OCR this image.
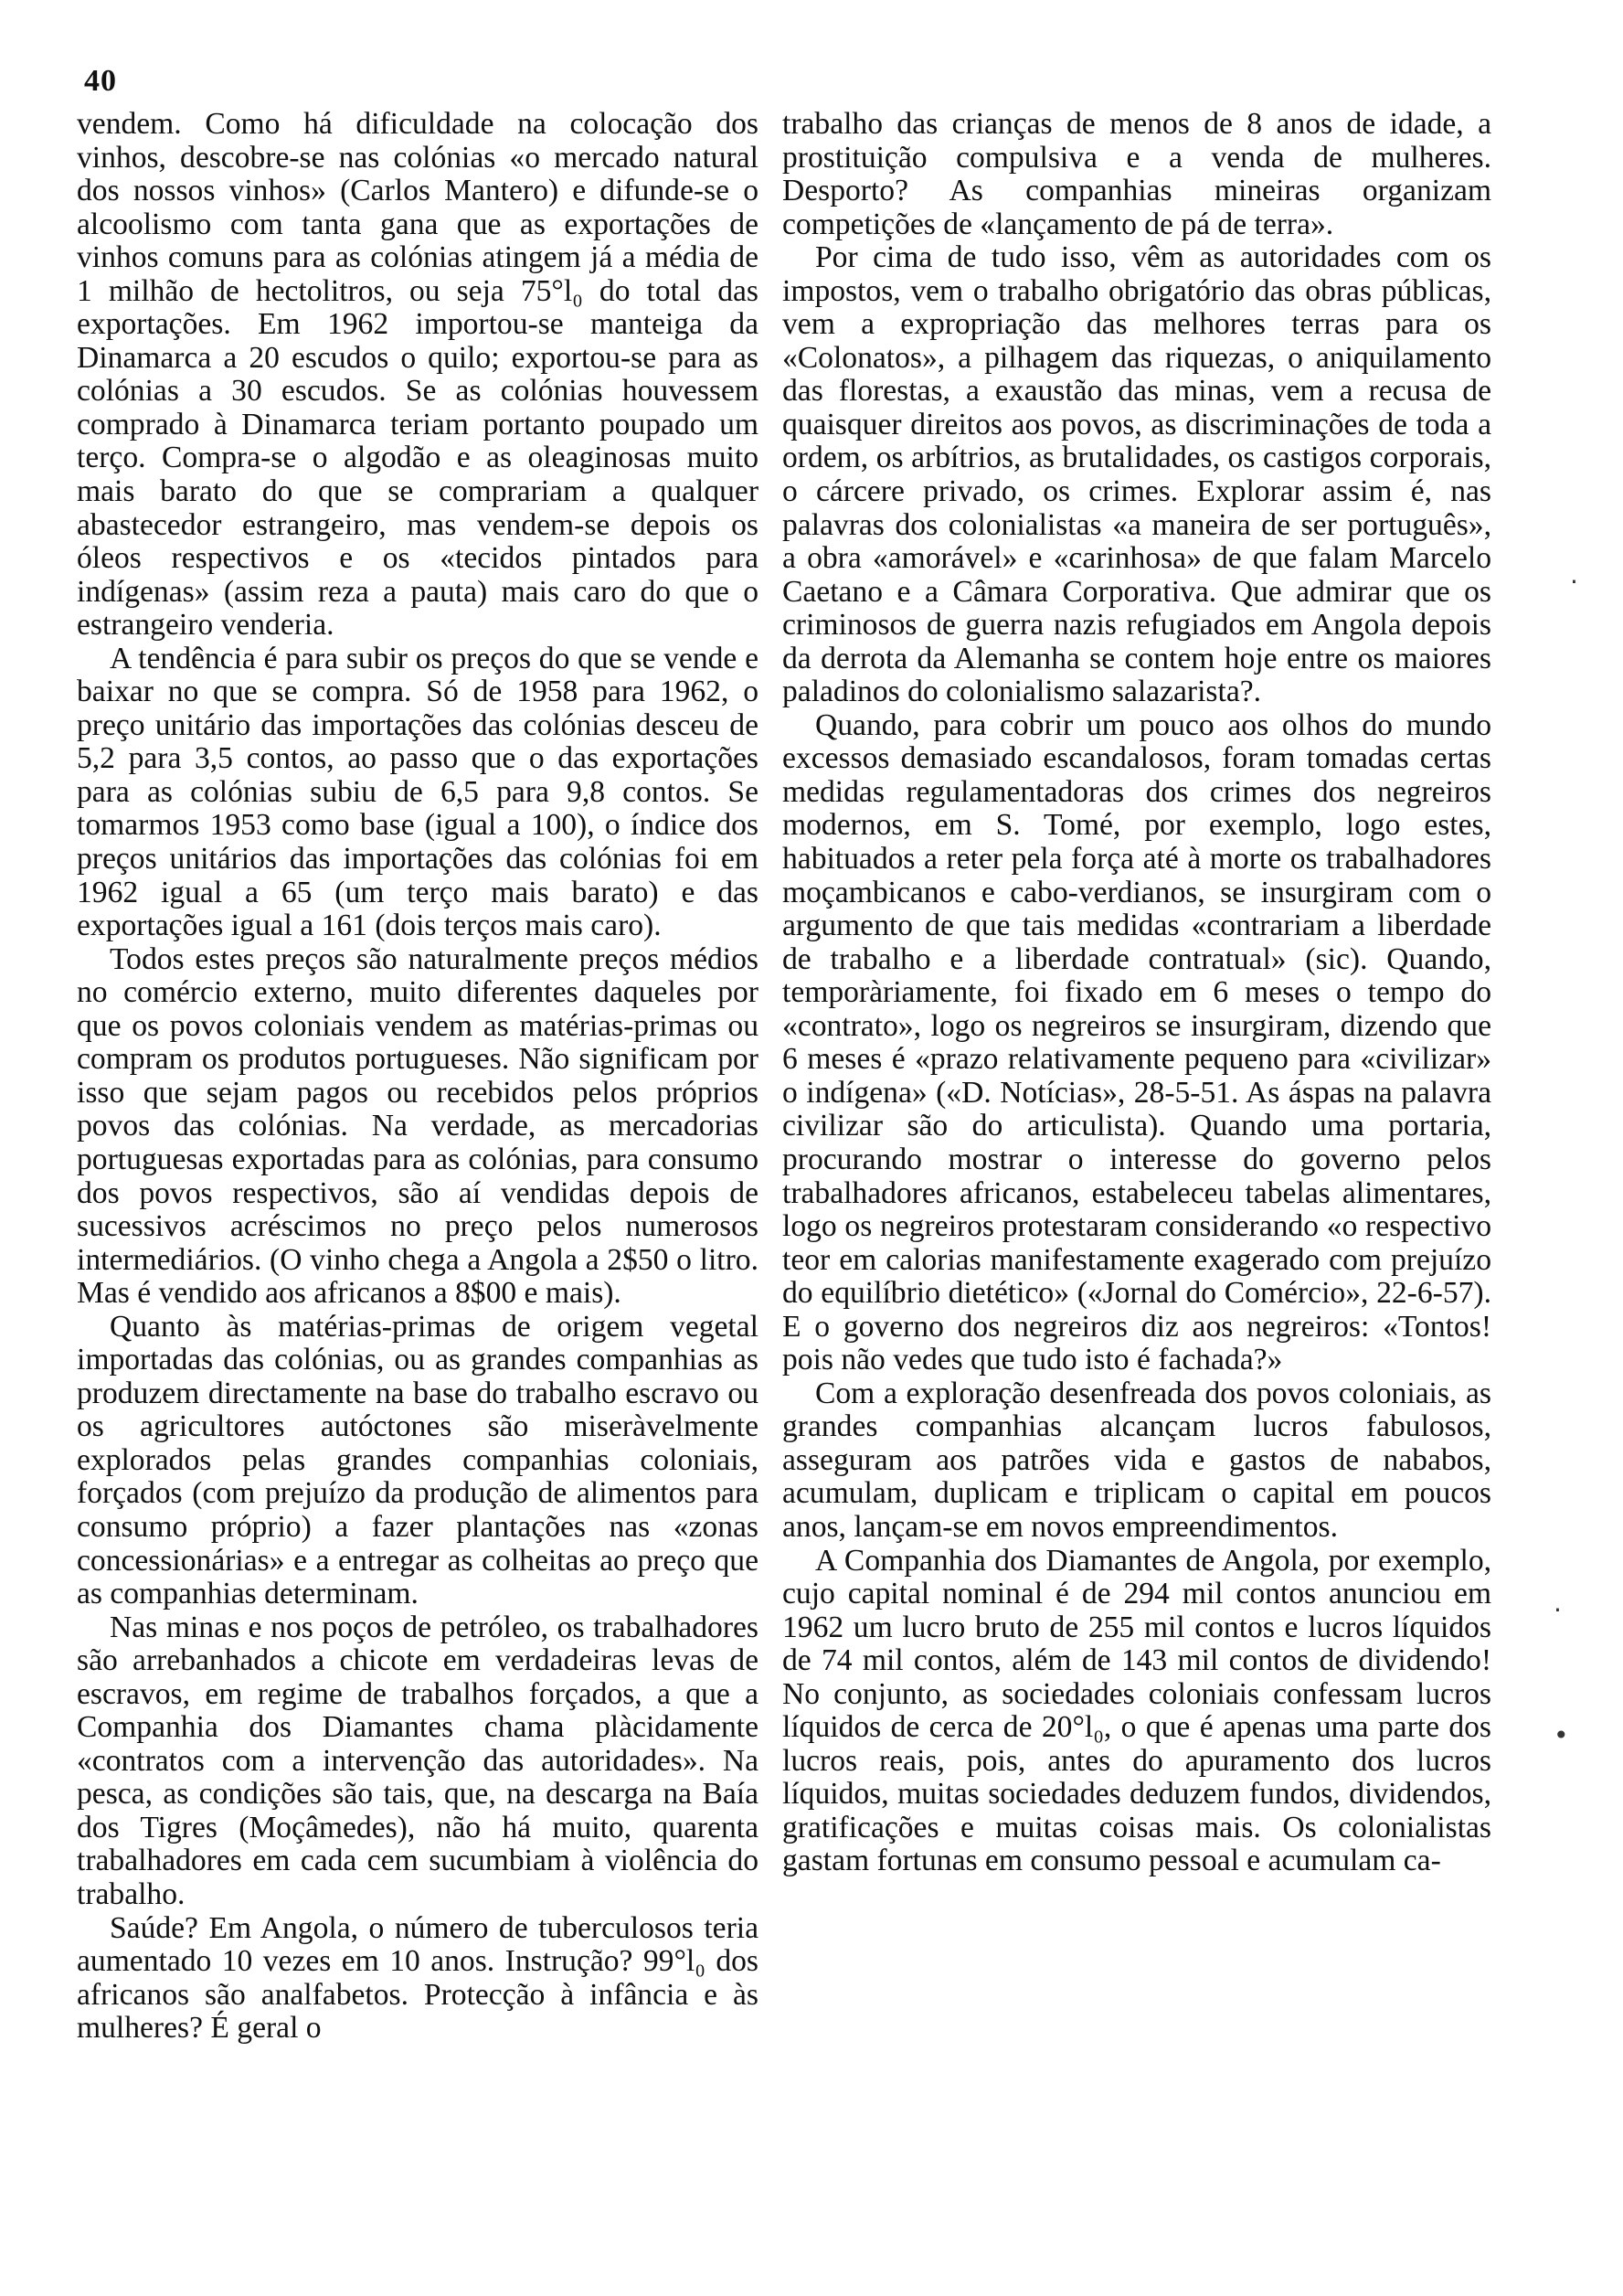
40

vendem. Como há dificuldade na colocação dos vinhos, descobre-se nas colónias «o mercado natural dos nossos vinhos» (Carlos Mantero) e difunde-se o alcoolismo com tanta gana que as exportações de vinhos comuns para as colónias atingem já a média de 1 milhão de hectolitros, ou seja 75°l₀ do total das exportações. Em 1962 importou-se manteiga da Dinamarca a 20 escudos o quilo; exportou-se para as colónias a 30 escudos. Se as colónias houvessem comprado à Dinamarca teriam portanto poupado um terço. Compra-se o algodão e as oleaginosas muito mais barato do que se comprariam a qualquer abastecedor estrangeiro, mas vendem-se depois os óleos respectivos e os «tecidos pintados para indígenas» (assim reza a pauta) mais caro do que o estrangeiro venderia.

A tendência é para subir os preços do que se vende e baixar no que se compra. Só de 1958 para 1962, o preço unitário das importações das colónias desceu de 5,2 para 3,5 contos, ao passo que o das exportações para as colónias subiu de 6,5 para 9,8 contos. Se tomarmos 1953 como base (igual a 100), o índice dos preços unitários das importações das colónias foi em 1962 igual a 65 (um terço mais barato) e das exportações igual a 161 (dois terços mais caro).

Todos estes preços são naturalmente preços médios no comércio externo, muito diferentes daqueles por que os povos coloniais vendem as matérias-primas ou compram os produtos portugueses. Não significam por isso que sejam pagos ou recebidos pelos próprios povos das colónias. Na verdade, as mercadorias portuguesas exportadas para as colónias, para consumo dos povos respectivos, são aí vendidas depois de sucessivos acréscimos no preço pelos numerosos intermediários. (O vinho chega a Angola a 2$50 o litro. Mas é vendido aos africanos a 8$00 e mais).

Quanto às matérias-primas de origem vegetal importadas das colónias, ou as grandes companhias as produzem directamente na base do trabalho escravo ou os agricultores autóctones são miseràvelmente explorados pelas grandes companhias coloniais, forçados (com prejuízo da produção de alimentos para consumo próprio) a fazer plantações nas «zonas concessionárias» e a entregar as colheitas ao preço que as companhias determinam.

Nas minas e nos poços de petróleo, os trabalhadores são arrebanhados a chicote em verdadeiras levas de escravos, em regime de trabalhos forçados, a que a Companhia dos Diamantes chama plàcidamente «contratos com a intervenção das autoridades». Na pesca, as condições são tais, que, na descarga na Baía dos Tigres (Moçâmedes), não há muito, quarenta trabalhadores em cada cem sucumbiam à violência do trabalho.

Saúde? Em Angola, o número de tuberculosos teria aumentado 10 vezes em 10 anos. Instrução? 99°l₀ dos africanos são analfabetos. Protecção à infância e às mulheres? É geral o

trabalho das crianças de menos de 8 anos de idade, a prostituição compulsiva e a venda de mulheres. Desporto? As companhias mineiras organizam competições de «lançamento de pá de terra».

Por cima de tudo isso, vêm as autoridades com os impostos, vem o trabalho obrigatório das obras públicas, vem a expropriação das melhores terras para os «Colonatos», a pilhagem das riquezas, o aniquilamento das florestas, a exaustão das minas, vem a recusa de quaisquer direitos aos povos, as discriminações de toda a ordem, os arbítrios, as brutalidades, os castigos corporais, o cárcere privado, os crimes. Explorar assim é, nas palavras dos colonialistas «a maneira de ser português», a obra «amorável» e «carinhosa» de que falam Marcelo Caetano e a Câmara Corporativa. Que admirar que os criminosos de guerra nazis refugiados em Angola depois da derrota da Alemanha se contem hoje entre os maiores paladinos do colonialismo salazarista?.

Quando, para cobrir um pouco aos olhos do mundo excessos demasiado escandalosos, foram tomadas certas medidas regulamentadoras dos crimes dos negreiros modernos, em S. Tomé, por exemplo, logo estes, habituados a reter pela força até à morte os trabalhadores moçambicanos e cabo-verdianos, se insurgiram com o argumento de que tais medidas «contrariam a liberdade de trabalho e a liberdade contratual» (sic). Quando, temporàriamente, foi fixado em 6 meses o tempo do «contrato», logo os negreiros se insurgiram, dizendo que 6 meses é «prazo relativamente pequeno para «civilizar» o indígena» («D. Notícias», 28-5-51. As áspas na palavra civilizar são do articulista). Quando uma portaria, procurando mostrar o interesse do governo pelos trabalhadores africanos, estabeleceu tabelas alimentares, logo os negreiros protestaram considerando «o respectivo teor em calorias manifestamente exagerado com prejuízo do equilíbrio dietético» («Jornal do Comércio», 22-6-57). E o governo dos negreiros diz aos negreiros: «Tontos! pois não vedes que tudo isto é fachada?»

Com a exploração desenfreada dos povos coloniais, as grandes companhias alcançam lucros fabulosos, asseguram aos patrões vida e gastos de nababos, acumulam, duplicam e triplicam o capital em poucos anos, lançam-se em novos empreendimentos.

A Companhia dos Diamantes de Angola, por exemplo, cujo capital nominal é de 294 mil contos anunciou em 1962 um lucro bruto de 255 mil contos e lucros líquidos de 74 mil contos, além de 143 mil contos de dividendo! No conjunto, as sociedades coloniais confessam lucros líquidos de cerca de 20°l₀, o que é apenas uma parte dos lucros reais, pois, antes do apuramento dos lucros líquidos, muitas sociedades deduzem fundos, dividendos, gratificações e muitas coisas mais. Os colonialistas gastam fortunas em consumo pessoal e acumulam ca-

·
·
•
